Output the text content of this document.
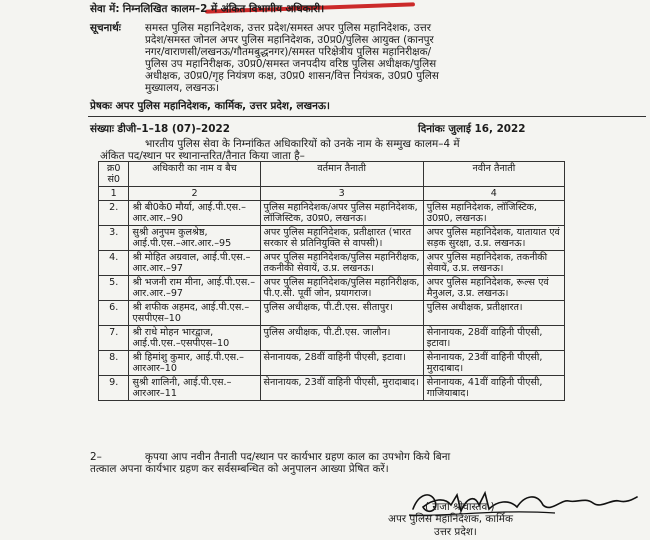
सेवा में: निम्नलिखित कालम–2 में अंकित विभागीय अधिकारी।
सूचनार्थः समस्त पुलिस महानिदेशक, उत्तर प्रदेश/समस्त अपर पुलिस महानिदेशक, उत्तर
प्रदेश/समस्त जोनल अपर पुलिस महानिदेशक, उ0प्र0/पुलिस आयुक्त (कानपुर
नगर/वाराणसी/लखनऊ/गौतमबुद्धनगर)/समस्त परिक्षेत्रीय पुलिस महानिरीक्षक/
पुलिस उप महानिरीक्षक, उ0प्र0/समस्त जनपदीय वरिष्ठ पुलिस अधीक्षक/पुलिस
अधीक्षक, उ0प्र0/गृह नियंत्रण कक्ष, उ0प्र0 शासन/वित्त नियंत्रक, उ0प्र0 पुलिस
मुख्यालय, लखनऊ।
प्रेषकः अपर पुलिस महानिदेशक, कार्मिक, उत्तर प्रदेश, लखनऊ।
संख्याः डीजी–1–18 (07)–2022	दिनांकः जुलाई 16, 2022
भारतीय पुलिस सेवा के निम्नांकित अधिकारियों को उनके नाम के सम्मुख कालम–4 में
अंकित पद/स्थान पर स्थानान्तरित/तैनात किया जाता है–
क्र0 सं0	अधिकारी का नाम व बैच	वर्तमान तैनाती	नवीन तैनाती
1	2	3	4
2.	श्री बी0के0 मौर्या, आई.पी.एस.–आर.आर.–90	पुलिस महानिदेशक/अपर पुलिस महानिदेशक, लॉजिस्टिक, उ0प्र0, लखनऊ।	पुलिस महानिदेशक, लॉजिस्टिक, उ0प्र0, लखनऊ।
3.	सुश्री अनुपम कुलश्रेष्ठ, आई.पी.एस.–आर.आर.–95	अपर पुलिस महानिदेशक, प्रतीक्षारत (भारत सरकार से प्रतिनियुक्ति से वापसी)।	अपर पुलिस महानिदेशक, यातायात एवं सड़क सुरक्षा, उ.प्र. लखनऊ।
4.	श्री मोहित अग्रवाल, आई.पी.एस.–आर.आर.–97	अपर पुलिस महानिदेशक/पुलिस महानिरीक्षक, तकनीकी सेवायें, उ.प्र. लखनऊ।	अपर पुलिस महानिदेशक, तकनीकी सेवायें, उ.प्र. लखनऊ।
5.	श्री भजनी राम मीना, आई.पी.एस.–आर.आर.–97	अपर पुलिस महानिदेशक/पुलिस महानिरीक्षक, पी.ए.सी. पूर्वी जोन, प्रयागराज।	अपर पुलिस महानिदेशक, रूल्स एवं मैनुअल, उ.प्र. लखनऊ।
6.	श्री शफीक अहमद, आई.पी.एस.–एसपीएस–10	पुलिस अधीक्षक, पी.टी.एस. सीतापुर।	पुलिस अधीक्षक, प्रतीक्षारत।
7.	श्री राधे मोहन भारद्वाज, आई.पी.एस.–एसपीएस–10	पुलिस अधीक्षक, पी.टी.एस. जालौन।	सेनानायक, 28वीं वाहिनी पीएसी, इटावा।
8.	श्री हिमांशु कुमार, आई.पी.एस.–आरआर–10	सेनानायक, 28वीं वाहिनी पीएसी, इटावा।	सेनानायक, 23वीं वाहिनी पीएसी, मुरादाबाद।
9.	सुश्री शालिनी, आई.पी.एस.–आरआर–11	सेनानायक, 23वीं वाहिनी पीएसी, मुरादाबाद।	सेनानायक, 41वीं वाहिनी पीएसी, गाजियाबाद।
2–	कृपया आप नवीन तैनाती पद/स्थान पर कार्यभार ग्रहण काल का उपभोग किये बिना
तत्काल अपना कार्यभार ग्रहण कर सर्वसम्बन्धित को अनुपालन आख्या प्रेषित करें।
( राजा श्रीवास्तव )
अपर पुलिस महानिदेशक, कार्मिक
उत्तर प्रदेश।
